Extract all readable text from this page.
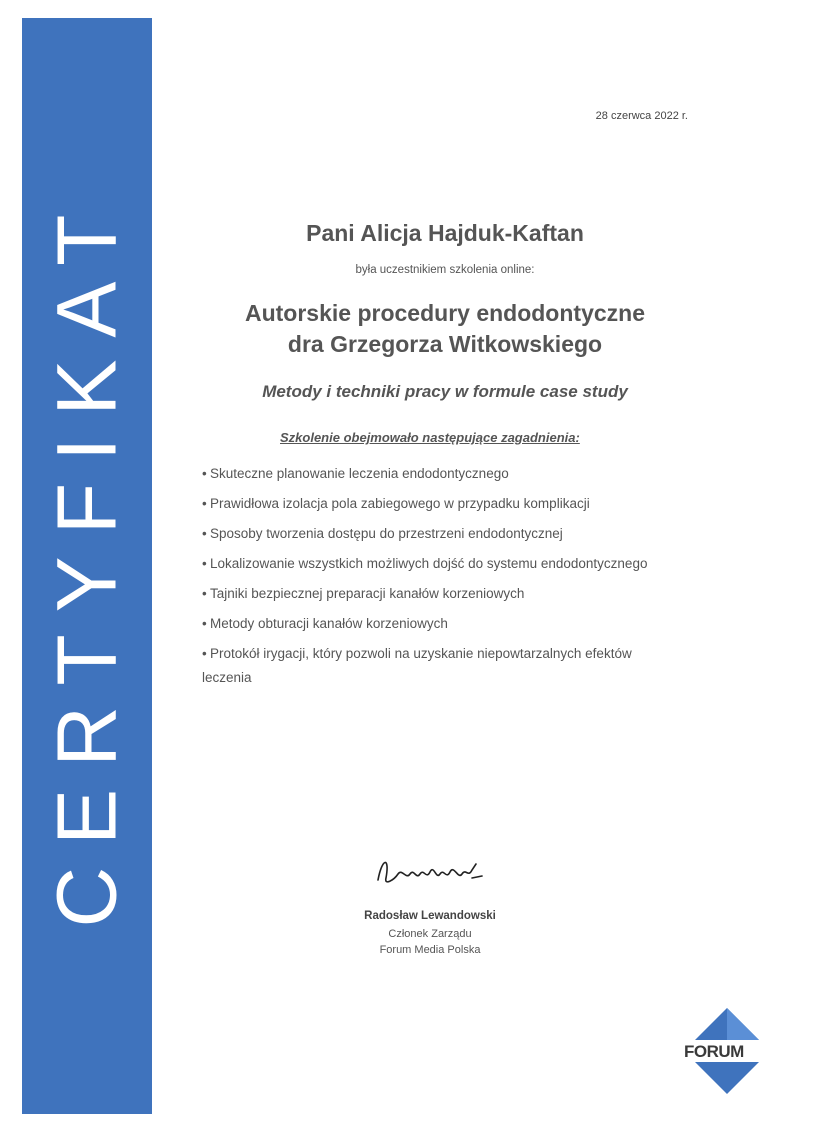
CERTYFIKAT
28 czerwca 2022 r.
Pani Alicja Hajduk-Kaftan
była uczestnikiem szkolenia online:
Autorskie procedury endodontyczne
dra Grzegorza Witkowskiego
Metody i techniki pracy w formule case study
Szkolenie obejmowało następujące zagadnienia:
• Skuteczne planowanie leczenia endodontycznego
• Prawidłowa izolacja pola zabiegowego w przypadku komplikacji
• Sposoby tworzenia dostępu do przestrzeni endodontycznej
• Lokalizowanie wszystkich możliwych dojść do systemu endodontycznego
• Tajniki bezpiecznej preparacji kanałów korzeniowych
• Metody obturacji kanałów korzeniowych
• Protokół irygacji, który pozwoli na uzyskanie niepowtarzalnych efektów leczenia
Radosław Lewandowski
Członek Zarządu
Forum Media Polska
FORUM
